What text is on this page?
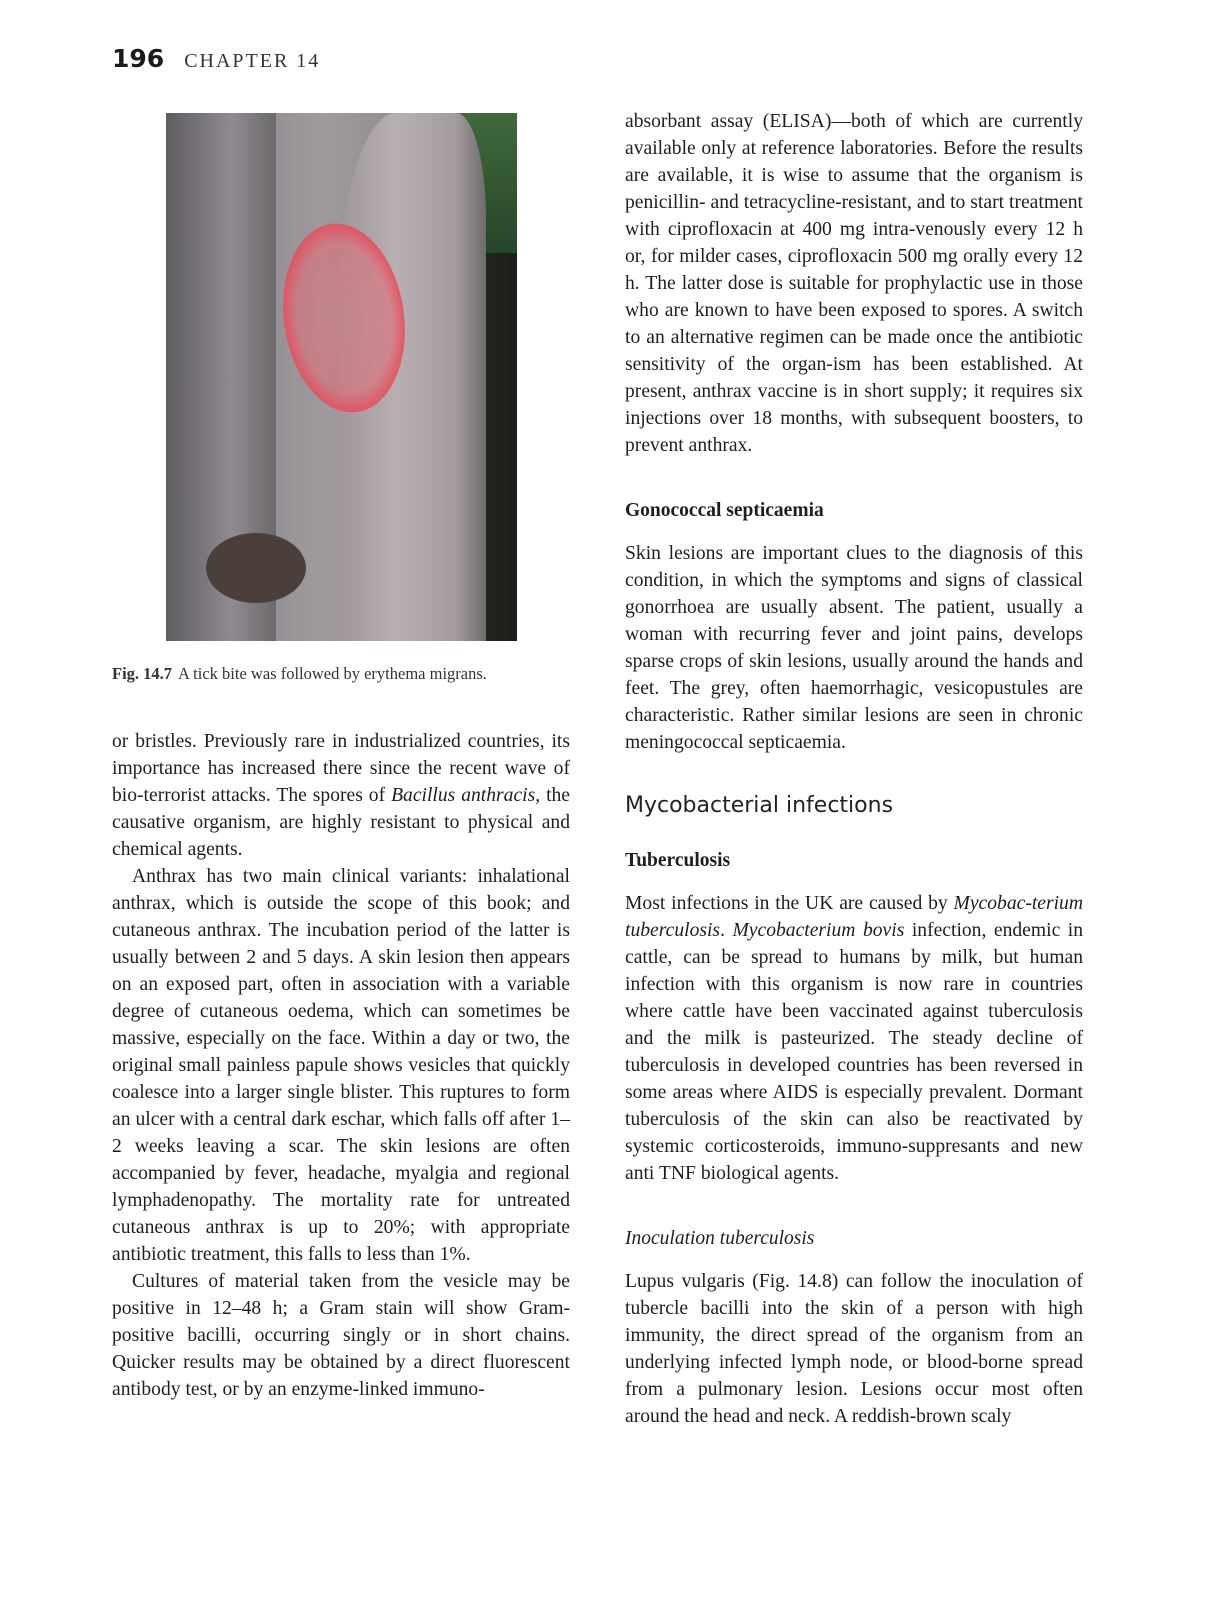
196 CHAPTER 14
Fig. 14.7 A tick bite was followed by erythema migrans.

or bristles. Previously rare in industrialized countries, its importance has increased there since the recent wave of bio-terrorist attacks. The spores of Bacillus anthracis, the causative organism, are highly resistant to physical and chemical agents.

Anthrax has two main clinical variants: inhalational anthrax, which is outside the scope of this book; and cutaneous anthrax. The incubation period of the latter is usually between 2 and 5 days. A skin lesion then appears on an exposed part, often in association with a variable degree of cutaneous oedema, which can sometimes be massive, especially on the face. Within a day or two, the original small painless papule shows vesicles that quickly coalesce into a larger single blister. This ruptures to form an ulcer with a central dark eschar, which falls off after 1–2 weeks leaving a scar. The skin lesions are often accompanied by fever, headache, myalgia and regional lymphadenopathy. The mortality rate for untreated cutaneous anthrax is up to 20%; with appropriate antibiotic treatment, this falls to less than 1%.

Cultures of material taken from the vesicle may be positive in 12–48 h; a Gram stain will show Gram-positive bacilli, occurring singly or in short chains. Quicker results may be obtained by a direct fluorescent antibody test, or by an enzyme-linked immuno-

absorbant assay (ELISA)—both of which are currently available only at reference laboratories. Before the results are available, it is wise to assume that the organism is penicillin- and tetracycline-resistant, and to start treatment with ciprofloxacin at 400 mg intra-venously every 12 h or, for milder cases, ciprofloxacin 500 mg orally every 12 h. The latter dose is suitable for prophylactic use in those who are known to have been exposed to spores. A switch to an alternative regimen can be made once the antibiotic sensitivity of the organ-ism has been established. At present, anthrax vaccine is in short supply; it requires six injections over 18 months, with subsequent boosters, to prevent anthrax.

Gonococcal septicaemia

Skin lesions are important clues to the diagnosis of this condition, in which the symptoms and signs of classical gonorrhoea are usually absent. The patient, usually a woman with recurring fever and joint pains, develops sparse crops of skin lesions, usually around the hands and feet. The grey, often haemorrhagic, vesicopustules are characteristic. Rather similar lesions are seen in chronic meningococcal septicaemia.

Mycobacterial infections
Tuberculosis

Most infections in the UK are caused by Mycobac-terium tuberculosis. Mycobacterium bovis infection, endemic in cattle, can be spread to humans by milk, but human infection with this organism is now rare in countries where cattle have been vaccinated against tuberculosis and the milk is pasteurized. The steady decline of tuberculosis in developed countries has been reversed in some areas where AIDS is especially prevalent. Dormant tuberculosis of the skin can also be reactivated by systemic corticosteroids, immuno-suppresants and new anti TNF biological agents.

Inoculation tuberculosis

Lupus vulgaris (Fig. 14.8) can follow the inoculation of tubercle bacilli into the skin of a person with high immunity, the direct spread of the organism from an underlying infected lymph node, or blood-borne spread from a pulmonary lesion. Lesions occur most often around the head and neck. A reddish-brown scaly
